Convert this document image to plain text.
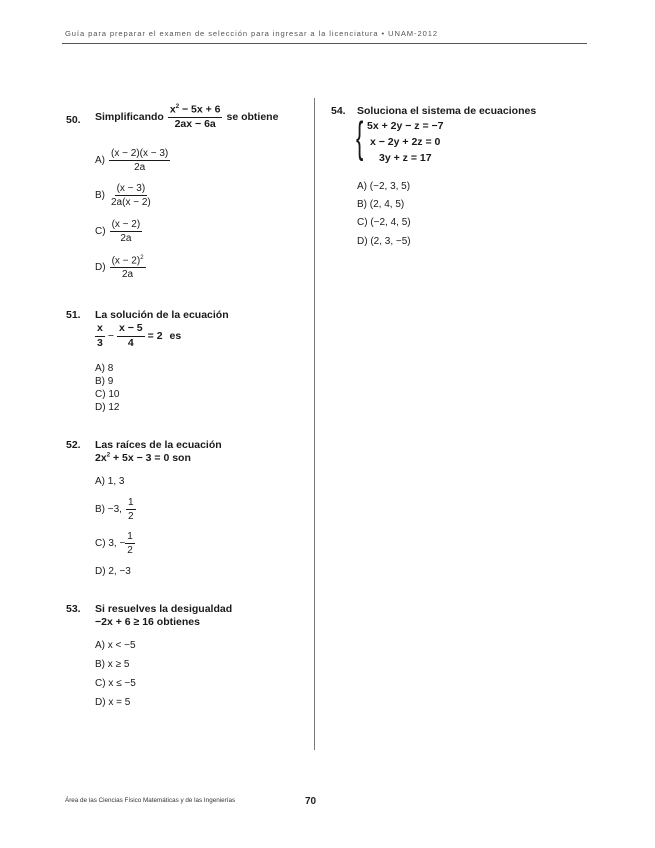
Guía para preparar el examen de selección para ingresar a la licenciatura • UNAM-2012
Área de las Ciencias Físico Matemáticas y de las Ingenierías	70
50. Simplificando $\frac{x^2 - 5x + 6}{2ax - 6a}$ se obtiene
$A) \frac{(x - 2)(x - 3)}{2a}$
$B) \frac{(x - 3)}{2a(x - 2)}$
$C) \frac{(x - 2)}{2a}$
$D) \frac{(x - 2)^2}{2a}$
51. La solución de la ecuación
$\frac{x}{3} - \frac{x - 5}{4} = 2$ es
A) 8
B) 9
C) 10
D) 12
52. Las raíces de la ecuación
$2x^2 + 5x - 3 = 0$ son
A) 1, 3
B) −3, $\frac{1}{2}$
C) 3, − $\frac{1}{2}$
D) 2, −3
53. Si resuelves la desigualdad
−2x + 6 ≥ 16 obtienes
A) x < −5
B) x ≥ 5
C) x ≤ −5
D) x = 5
54. Soluciona el sistema de ecuaciones
{ 5x + 2y − z = −7
x − 2y + 2z = 0
3y + z = 17
A) (−2, 3, 5)
B) (2, 4, 5)
C) (−2, 4, 5)
D) (2, 3, −5)
